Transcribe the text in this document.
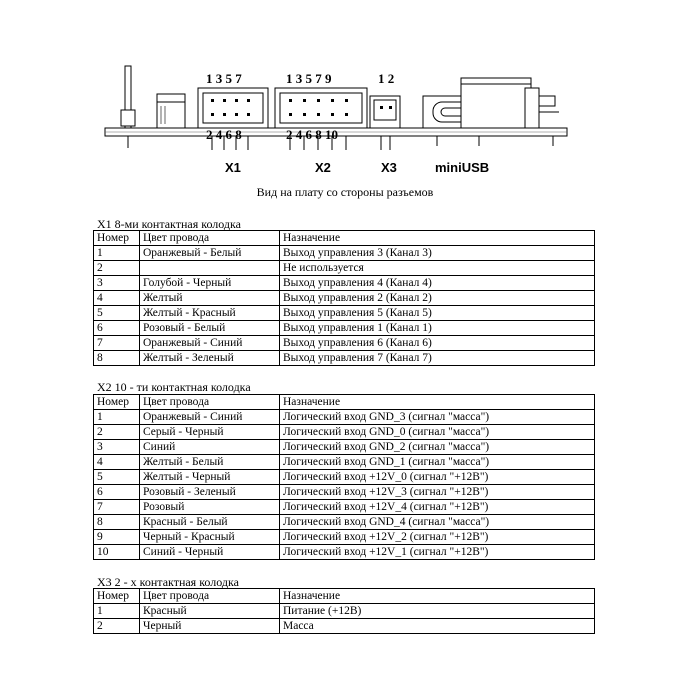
1 3 5 7
2 4 6 8
1 3 5 7 9
2 4 6 8 10
1 2
X1	X2	X3	miniUSB
Вид на плату со стороны разъемов
X1 8-ми контактная колодка
Номер	Цвет провода	Назначение
1	Оранжевый - Белый	Выход управления 3 (Канал 3)
2		Не используется
3	Голубой - Черный	Выход управления 4 (Канал 4)
4	Желтый	Выход управления 2 (Канал 2)
5	Желтый - Красный	Выход управления 5 (Канал 5)
6	Розовый - Белый	Выход управления 1 (Канал 1)
7	Оранжевый - Синий	Выход управления 6 (Канал 6)
8	Желтый - Зеленый	Выход управления 7 (Канал 7)
X2 10 - ти контактная колодка
Номер	Цвет провода	Назначение
1	Оранжевый - Синий	Логический вход GND_3 (сигнал "масса")
2	Серый - Черный	Логический вход GND_0 (сигнал "масса")
3	Синий	Логический вход GND_2 (сигнал "масса")
4	Желтый - Белый	Логический вход GND_1 (сигнал "масса")
5	Желтый - Черный	Логический вход +12V_0 (сигнал "+12В")
6	Розовый - Зеленый	Логический вход +12V_3 (сигнал "+12В")
7	Розовый	Логический вход +12V_4 (сигнал "+12В")
8	Красный - Белый	Логический вход GND_4 (сигнал "масса")
9	Черный - Красный	Логический вход +12V_2 (сигнал "+12В")
10	Синий - Черный	Логический вход +12V_1 (сигнал "+12В")
X3 2 - х контактная колодка
Номер	Цвет провода	Назначение
1	Красный	Питание (+12В)
2	Черный	Масса
